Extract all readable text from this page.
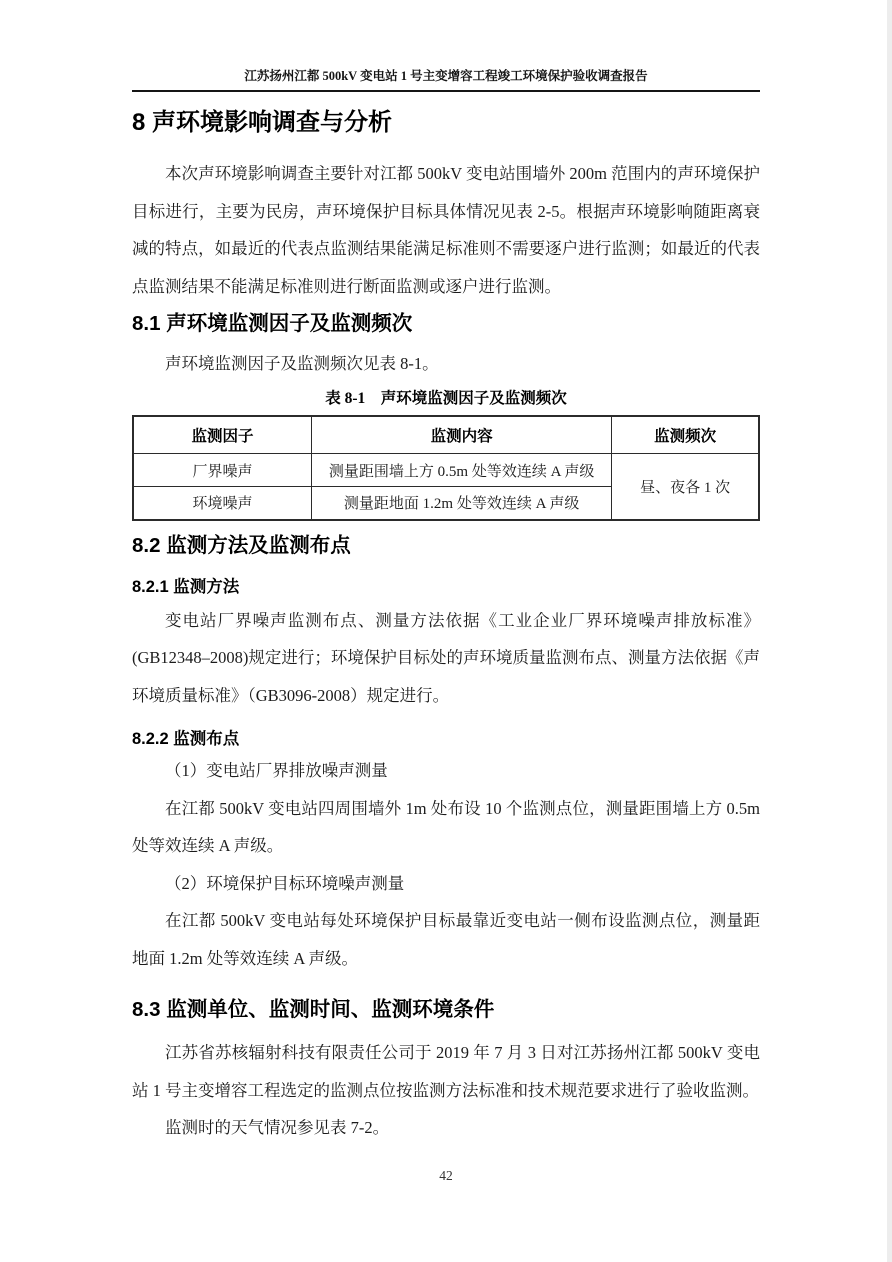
江苏扬州江都 500kV 变电站 1 号主变增容工程竣工环境保护验收调查报告
8 声环境影响调查与分析

本次声环境影响调查主要针对江都 500kV 变电站围墙外 200m 范围内的声环境保护目标进行，主要为民房，声环境保护目标具体情况见表 2-5。根据声环境影响随距离衰减的特点，如最近的代表点监测结果能满足标准则不需要逐户进行监测；如最近的代表点监测结果不能满足标准则进行断面监测或逐户进行监测。

8.1 声环境监测因子及监测频次

声环境监测因子及监测频次见表 8-1。

表 8-1　声环境监测因子及监测频次
监测因子	监测内容	监测频次
厂界噪声	测量距围墙上方 0.5m 处等效连续 A 声级	昼、夜各 1 次
环境噪声	测量距地面 1.2m 处等效连续 A 声级	
8.2 监测方法及监测布点
8.2.1 监测方法

变电站厂界噪声监测布点、测量方法依据《工业企业厂界环境噪声排放标准》(GB12348–2008)规定进行；环境保护目标处的声环境质量监测布点、测量方法依据《声环境质量标准》（GB3096-2008）规定进行。

8.2.2 监测布点

（1）变电站厂界排放噪声测量

在江都 500kV 变电站四周围墙外 1m 处布设 10 个监测点位，测量距围墙上方 0.5m 处等效连续 A 声级。

（2）环境保护目标环境噪声测量

在江都 500kV 变电站每处环境保护目标最靠近变电站一侧布设监测点位，测量距地面 1.2m 处等效连续 A 声级。

8.3 监测单位、监测时间、监测环境条件

江苏省苏核辐射科技有限责任公司于 2019 年 7 月 3 日对江苏扬州江都 500kV 变电站 1 号主变增容工程选定的监测点位按监测方法标准和技术规范要求进行了验收监测。

监测时的天气情况参见表 7-2。

42
